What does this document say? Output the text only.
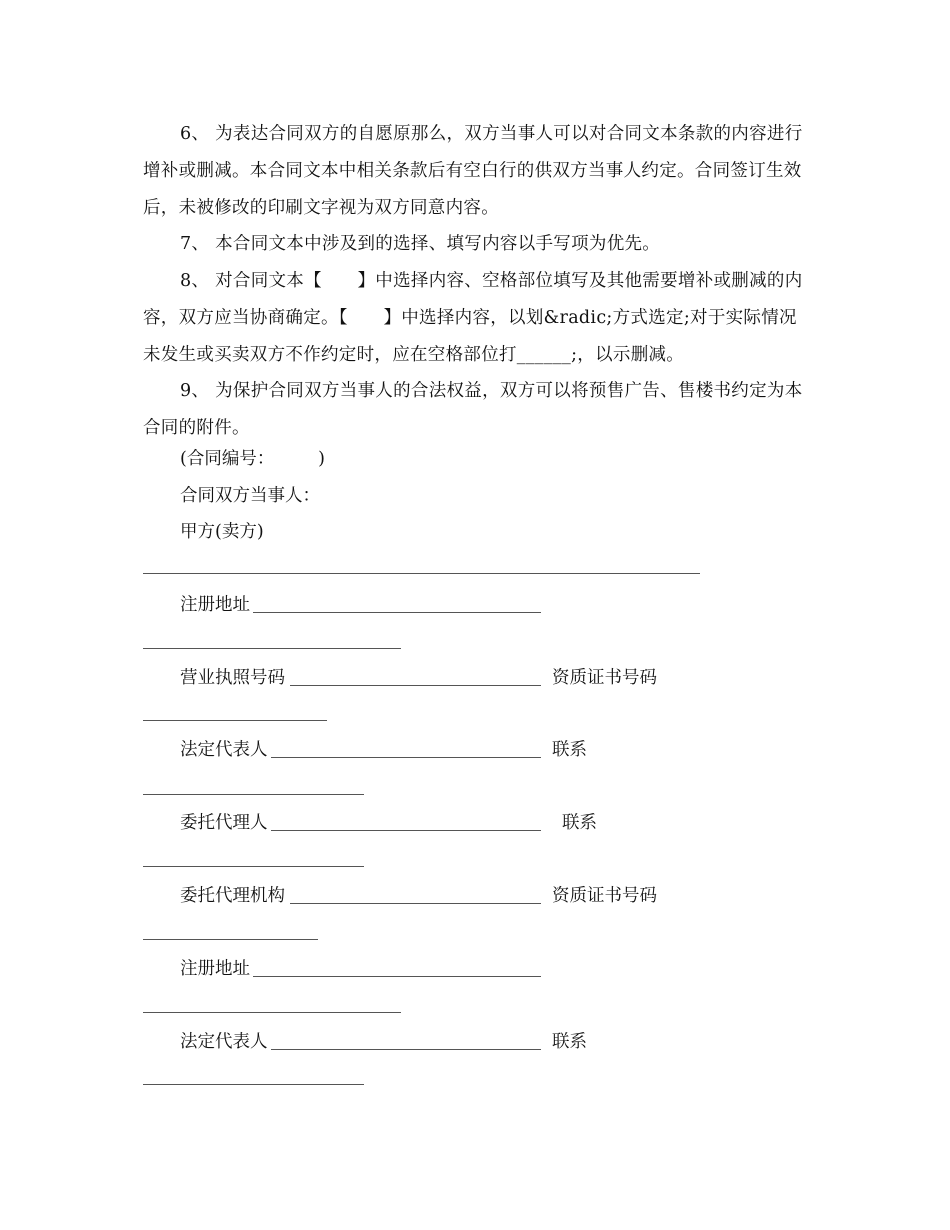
6、 为表达合同双方的自愿原那么，双方当事人可以对合同文本条款的内容进行增补或删减。本合同文本中相关条款后有空白行的供双方当事人约定。合同签订生效后，未被修改的印刷文字视为双方同意内容。

7、 本合同文本中涉及到的选择、填写内容以手写项为优先。

8、 对合同文本【　　】中选择内容、空格部位填写及其他需要增补或删减的内容，双方应当协商确定。【　　】中选择内容，以划&radic;方式选定;对于实际情况未发生或买卖双方不作约定时，应在空格部位打______;，以示删减。

9、 为保护合同双方当事人的合法权益，双方可以将预售广告、售楼书约定为本合同的附件。

(合同编号：　　　)
合同双方当事人：
甲方(卖方)
注册地址
营业执照号码	资质证书号码
法定代表人	联系
委托代理人	联系
委托代理机构	资质证书号码
注册地址
法定代表人	联系
